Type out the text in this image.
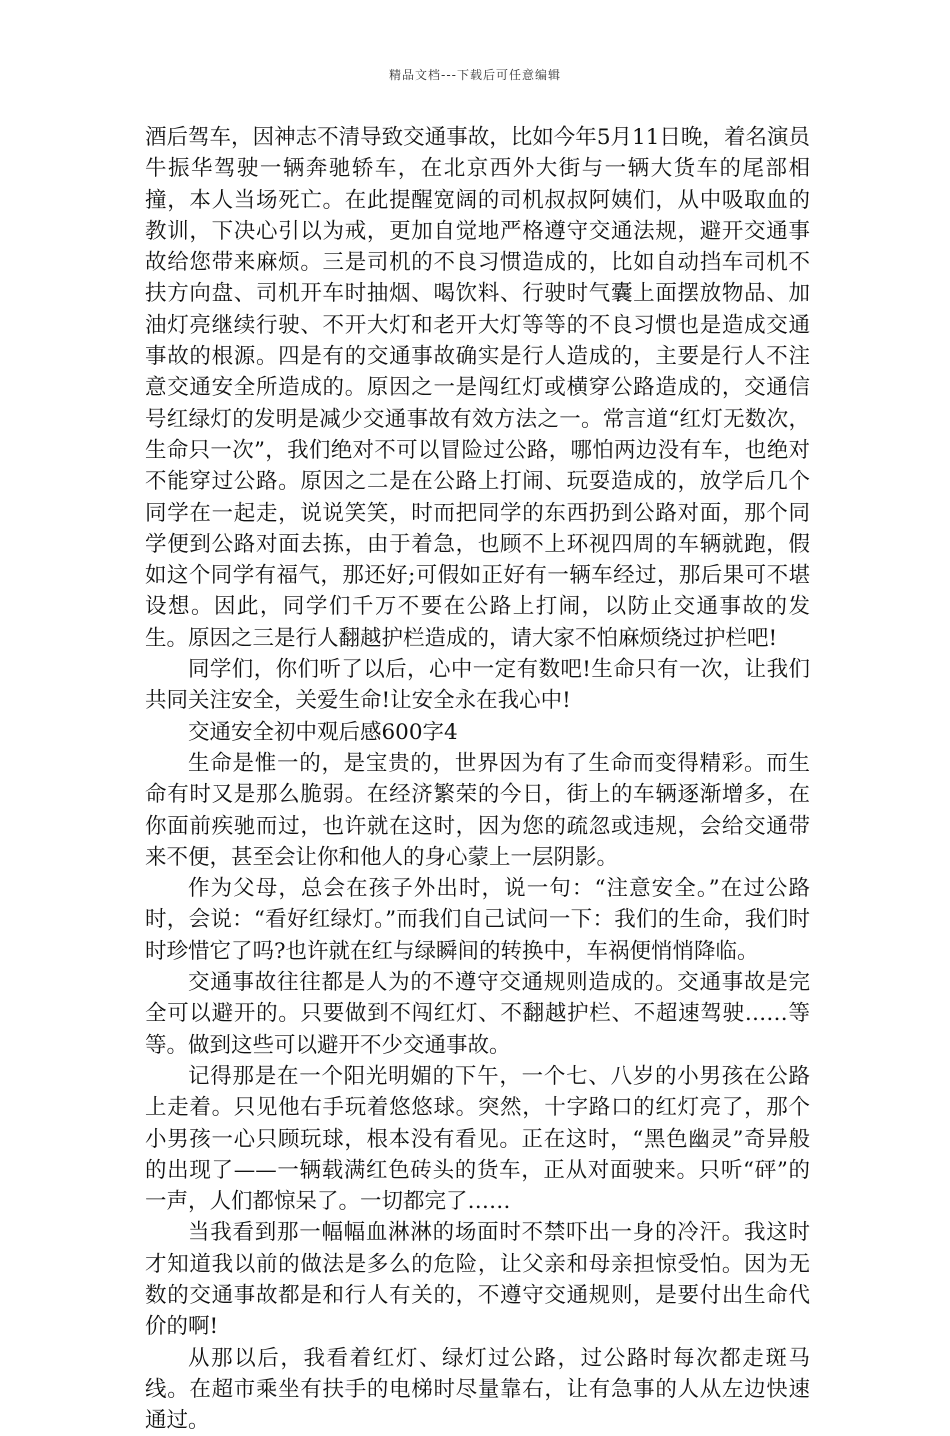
精品文档---下载后可任意编辑

酒后驾车，因神志不清导致交通事故，比如今年5月11日晚，着名演员牛振华驾驶一辆奔驰轿车，在北京西外大街与一辆大货车的尾部相撞，本人当场死亡。在此提醒宽阔的司机叔叔阿姨们，从中吸取血的教训，下决心引以为戒，更加自觉地严格遵守交通法规，避开交通事故给您带来麻烦。三是司机的不良习惯造成的，比如自动挡车司机不扶方向盘、司机开车时抽烟、喝饮料、行驶时气囊上面摆放物品、加油灯亮继续行驶、不开大灯和老开大灯等等的不良习惯也是造成交通事故的根源。四是有的交通事故确实是行人造成的，主要是行人不注意交通安全所造成的。原因之一是闯红灯或横穿公路造成的，交通信号红绿灯的发明是减少交通事故有效方法之一。常言道“红灯无数次，生命只一次”，我们绝对不可以冒险过公路，哪怕两边没有车，也绝对不能穿过公路。原因之二是在公路上打闹、玩耍造成的，放学后几个同学在一起走，说说笑笑，时而把同学的东西扔到公路对面，那个同学便到公路对面去拣，由于着急，也顾不上环视四周的车辆就跑，假如这个同学有福气，那还好;可假如正好有一辆车经过，那后果可不堪设想。因此，同学们千万不要在公路上打闹，以防止交通事故的发生。原因之三是行人翻越护栏造成的，请大家不怕麻烦绕过护栏吧!

同学们，你们听了以后，心中一定有数吧!生命只有一次，让我们共同关注安全，关爱生命!让安全永在我心中!

交通安全初中观后感600字4

生命是惟一的，是宝贵的，世界因为有了生命而变得精彩。而生命有时又是那么脆弱。在经济繁荣的今日，街上的车辆逐渐增多，在你面前疾驰而过，也许就在这时，因为您的疏忽或违规，会给交通带来不便，甚至会让你和他人的身心蒙上一层阴影。

作为父母，总会在孩子外出时，说一句：“注意安全。”在过公路时，会说：“看好红绿灯。”而我们自己试问一下：我们的生命，我们时时珍惜它了吗?也许就在红与绿瞬间的转换中，车祸便悄悄降临。

交通事故往往都是人为的不遵守交通规则造成的。交通事故是完全可以避开的。只要做到不闯红灯、不翻越护栏、不超速驾驶……等等。做到这些可以避开不少交通事故。

记得那是在一个阳光明媚的下午，一个七、八岁的小男孩在公路上走着。只见他右手玩着悠悠球。突然，十字路口的红灯亮了，那个小男孩一心只顾玩球，根本没有看见。正在这时，“黑色幽灵”奇异般的出现了——一辆载满红色砖头的货车，正从对面驶来。只听“砰”的一声，人们都惊呆了。一切都完了……

当我看到那一幅幅血淋淋的场面时不禁吓出一身的冷汗。我这时才知道我以前的做法是多么的危险，让父亲和母亲担惊受怕。因为无数的交通事故都是和行人有关的，不遵守交通规则，是要付出生命代价的啊!

从那以后，我看着红灯、绿灯过公路，过公路时每次都走斑马线。在超市乘坐有扶手的电梯时尽量靠右，让有急事的人从左边快速通过。
